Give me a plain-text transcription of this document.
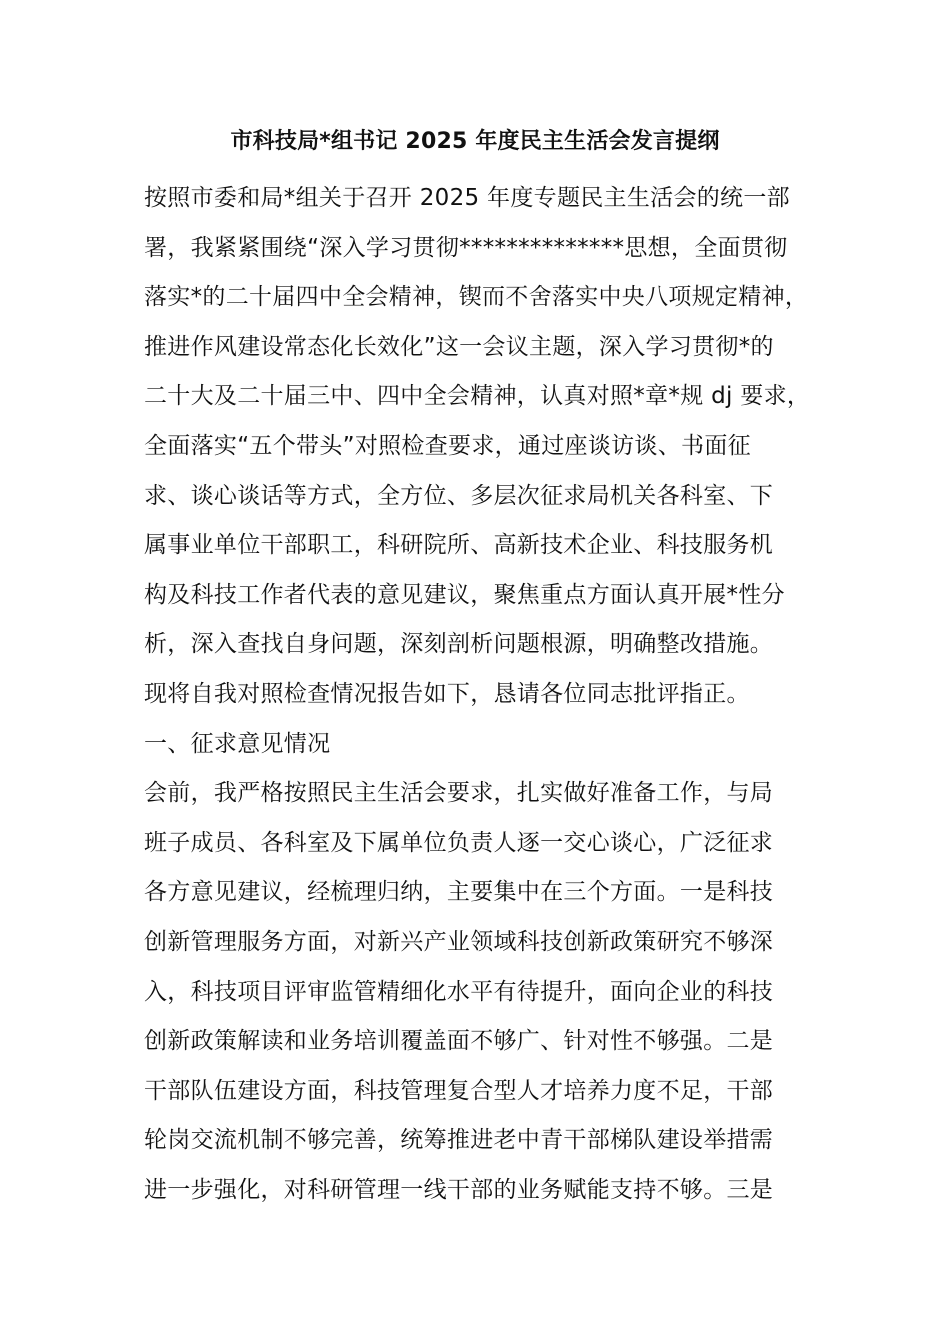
市科技局*组书记 2025 年度民主生活会发言提纲
按照市委和局*组关于召开 2025 年度专题民主生活会的统一部
署，我紧紧围绕“深入学习贯彻**************思想，全面贯彻
落实*的二十届四中全会精神，锲而不舍落实中央八项规定精神，
推进作风建设常态化长效化”这一会议主题，深入学习贯彻*的
二十大及二十届三中、四中全会精神，认真对照*章*规 dj 要求，
全面落实“五个带头”对照检查要求，通过座谈访谈、书面征
求、谈心谈话等方式，全方位、多层次征求局机关各科室、下
属事业单位干部职工，科研院所、高新技术企业、科技服务机
构及科技工作者代表的意见建议，聚焦重点方面认真开展*性分
析，深入查找自身问题，深刻剖析问题根源，明确整改措施。
现将自我对照检查情况报告如下，恳请各位同志批评指正。
一、征求意见情况
会前，我严格按照民主生活会要求，扎实做好准备工作，与局
班子成员、各科室及下属单位负责人逐一交心谈心，广泛征求
各方意见建议，经梳理归纳，主要集中在三个方面。一是科技
创新管理服务方面，对新兴产业领域科技创新政策研究不够深
入，科技项目评审监管精细化水平有待提升，面向企业的科技
创新政策解读和业务培训覆盖面不够广、针对性不够强。二是
干部队伍建设方面，科技管理复合型人才培养力度不足，干部
轮岗交流机制不够完善，统筹推进老中青干部梯队建设举措需
进一步强化，对科研管理一线干部的业务赋能支持不够。三是
